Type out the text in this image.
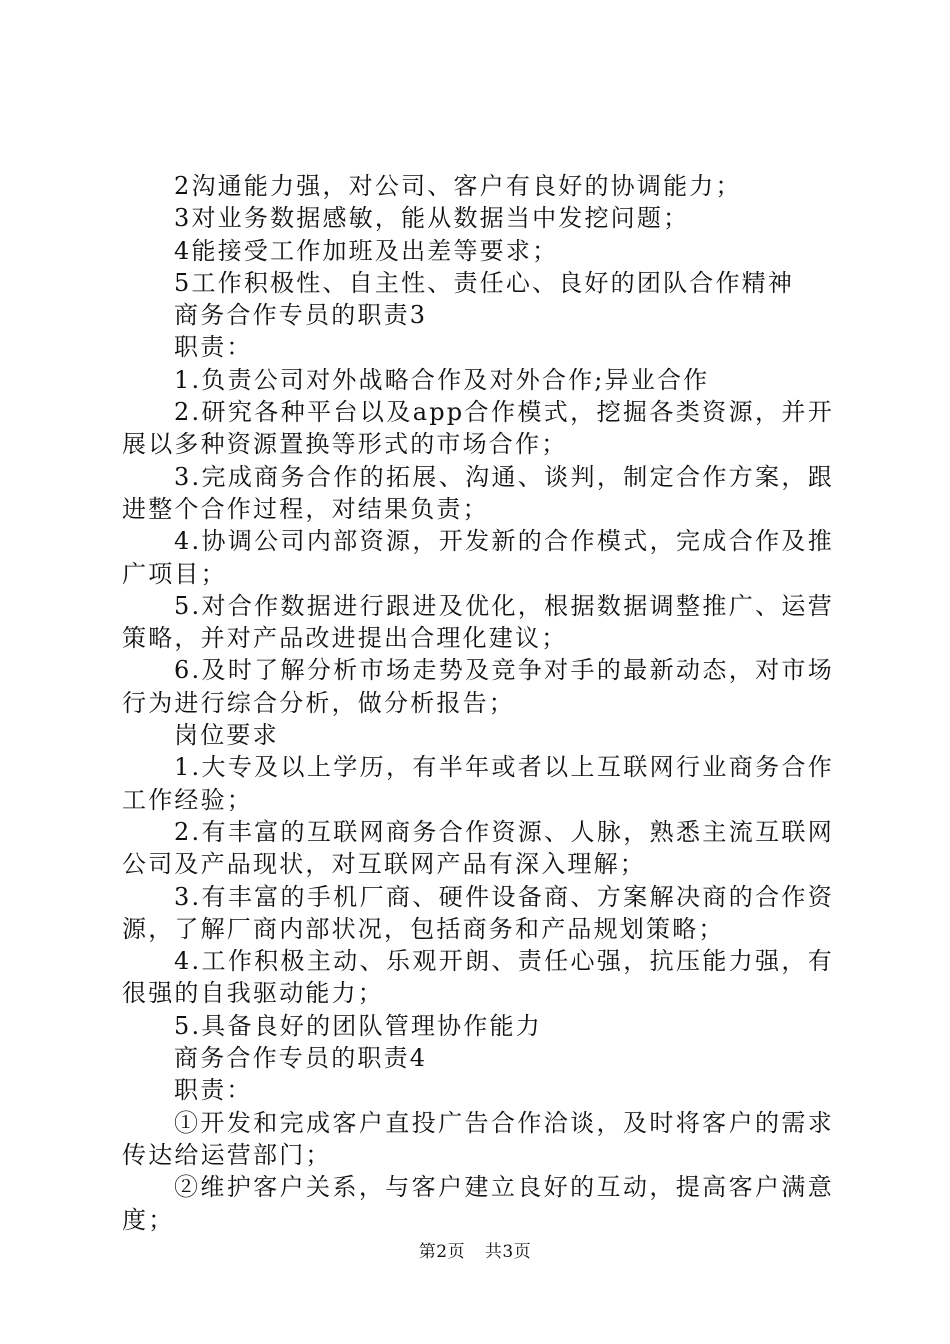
2沟通能力强，对公司、客户有良好的协调能力；

3对业务数据感敏，能从数据当中发挖问题；

4能接受工作加班及出差等要求；

5工作积极性、自主性、责任心、良好的团队合作精神

商务合作专员的职责3

职责：

1.负责公司对外战略合作及对外合作;异业合作

2.研究各种平台以及app合作模式，挖掘各类资源，并开展以多种资源置换等形式的市场合作；

3.完成商务合作的拓展、沟通、谈判，制定合作方案，跟进整个合作过程，对结果负责；

4.协调公司内部资源，开发新的合作模式，完成合作及推广项目；

5.对合作数据进行跟进及优化，根据数据调整推广、运营策略，并对产品改进提出合理化建议；

6.及时了解分析市场走势及竞争对手的最新动态，对市场行为进行综合分析，做分析报告；

岗位要求

1.大专及以上学历，有半年或者以上互联网行业商务合作工作经验；

2.有丰富的互联网商务合作资源、人脉，熟悉主流互联网公司及产品现状，对互联网产品有深入理解；

3.有丰富的手机厂商、硬件设备商、方案解决商的合作资源，了解厂商内部状况，包括商务和产品规划策略；

4.工作积极主动、乐观开朗、责任心强，抗压能力强，有很强的自我驱动能力；

5.具备良好的团队管理协作能力

商务合作专员的职责4

职责：

①开发和完成客户直投广告合作洽谈，及时将客户的需求传达给运营部门；

②维护客户关系，与客户建立良好的互动，提高客户满意度；

第2页 共3页
